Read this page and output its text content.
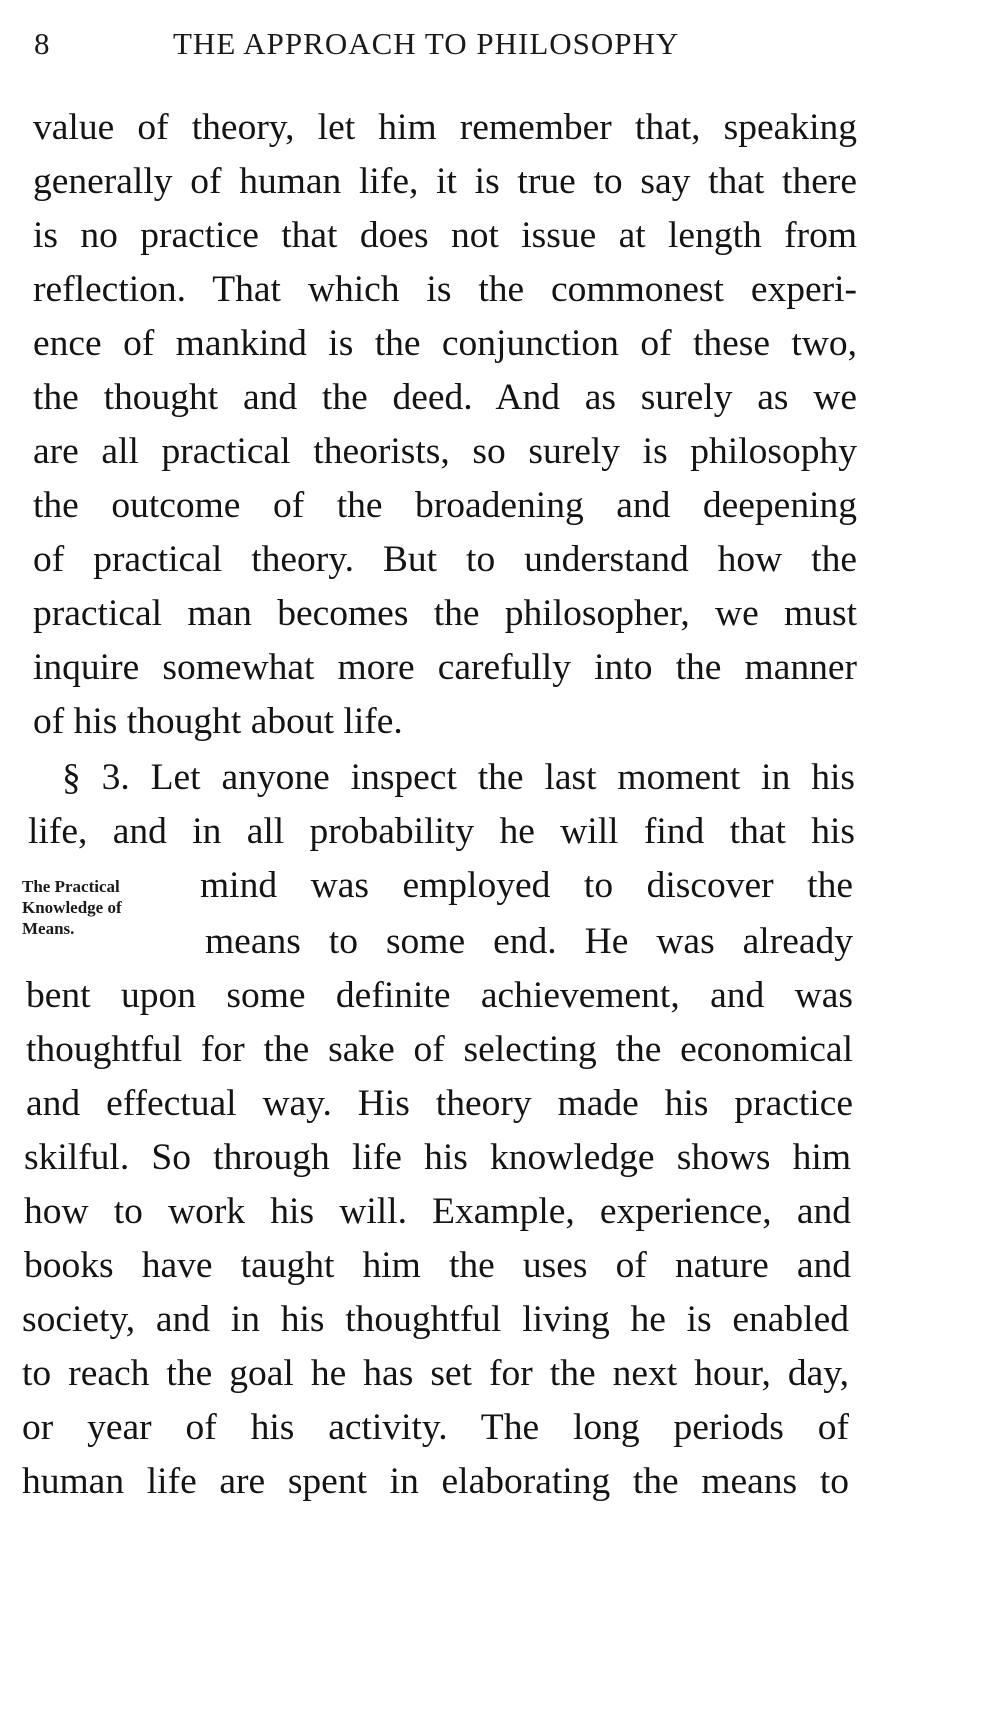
8	THE APPROACH TO PHILOSOPHY
value of theory, let him remember that, speaking
generally of human life, it is true to say that there
is no practice that does not issue at length from
reflection. That which is the commonest experi-
ence of mankind is the conjunction of these two,
the thought and the deed. And as surely as we
are all practical theorists, so surely is philosophy
the outcome of the broadening and deepening
of practical theory. But to understand how the
practical man becomes the philosopher, we must
inquire somewhat more carefully into the manner
of his thought about life.
§ 3. Let anyone inspect the last moment in his
life, and in all probability he will find that his
mind was employed to discover the
means to some end. He was already
bent upon some definite achievement, and was
thoughtful for the sake of selecting the economical
and effectual way. His theory made his practice
skilful. So through life his knowledge shows him
how to work his will. Example, experience, and
books have taught him the uses of nature and
society, and in his thoughtful living he is enabled
to reach the goal he has set for the next hour, day,
or year of his activity. The long periods of
human life are spent in elaborating the means to
The Practical
Knowledge of
Means.
